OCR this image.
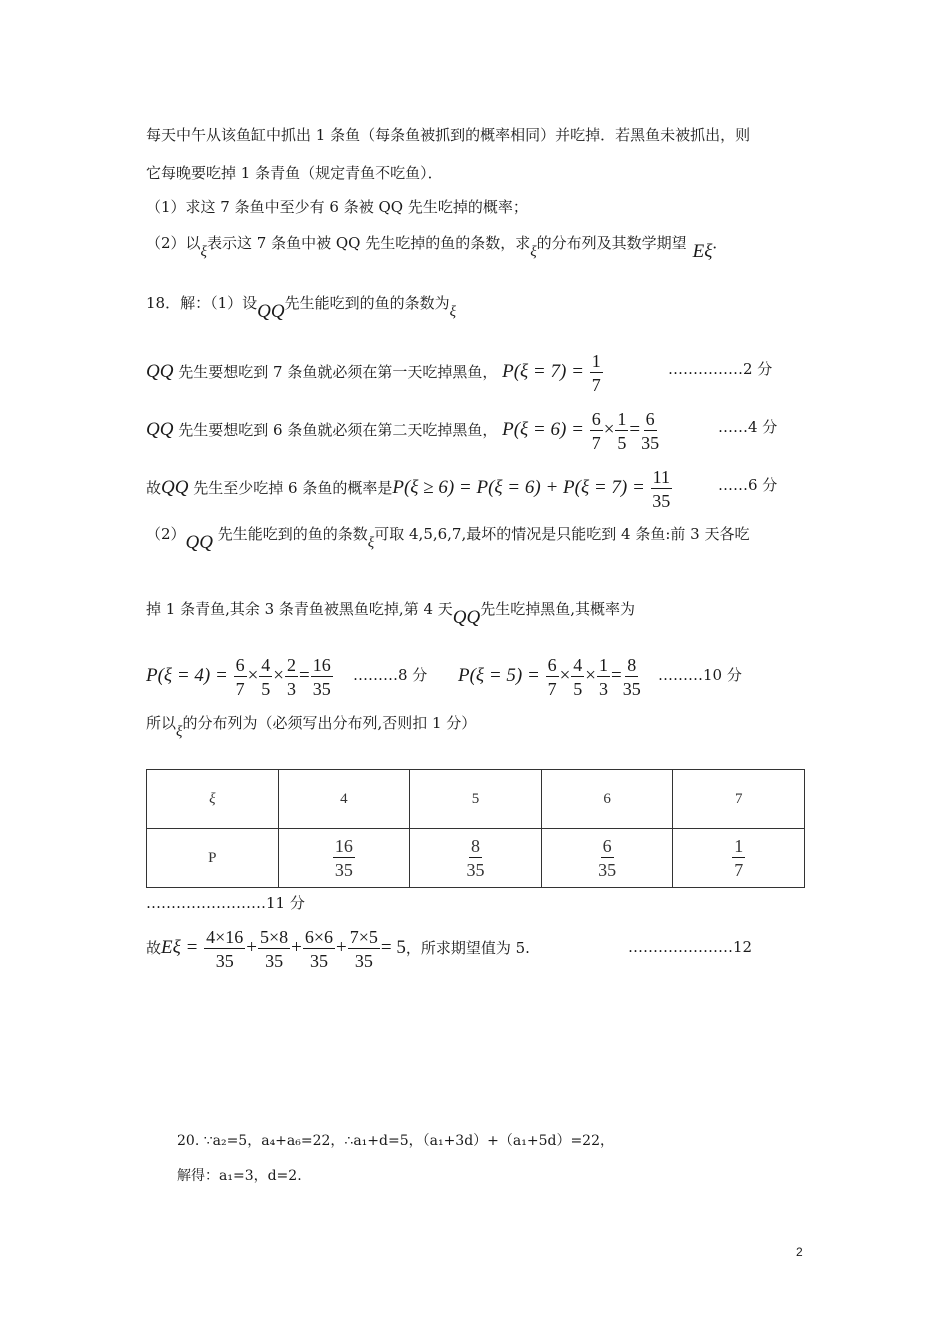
每天中午从该鱼缸中抓出 1 条鱼（每条鱼被抓到的概率相同）并吃掉．若黑鱼未被抓出，则
它每晚要吃掉 1 条青鱼（规定青鱼不吃鱼）．
（1）求这 7 条鱼中至少有 6 条被 QQ 先生吃掉的概率；
（2）以ξ表示这 7 条鱼中被 QQ 先生吃掉的鱼的条数，求ξ的分布列及其数学期望 Eξ．
18．解：（1）设QQ先生能吃到的鱼的条数为ξ
QQ 先生要想吃到 7 条鱼就必须在第一天吃掉黑鱼， $P(\xi = 7) = \frac{1}{7}$	……………2 分
QQ 先生要想吃到 6 条鱼就必须在第二天吃掉黑鱼， $P(\xi = 6) = \frac{6}{7} \times \frac{1}{5} = \frac{6}{35}$	……4 分
故QQ 先生至少吃掉 6 条鱼的概率是$P(\xi \ge 6) = P(\xi = 6) + P(\xi = 7) = \frac{11}{35}$	……6 分
（2）QQ 先生能吃到的鱼的条数ξ可取 4,5,6,7,最坏的情况是只能吃到 4 条鱼:前 3 天各吃
掉 1 条青鱼,其余 3 条青鱼被黑鱼吃掉,第 4 天QQ先生吃掉黑鱼,其概率为
$P(\xi = 4) = \frac{6}{7} \times \frac{4}{5} \times \frac{2}{3} = \frac{16}{35}$ ………8 分 $P(\xi = 5) = \frac{6}{7} \times \frac{4}{5} \times \frac{1}{3} = \frac{8}{35}$ ………10 分
所以ξ的分布列为（必须写出分布列,否则扣 1 分）
ξ	4	5	6	7
P	$\frac{16}{35}$	$\frac{8}{35}$	$\frac{6}{35}$	$\frac{1}{7}$
……………………11 分
故$E\xi = \frac{4\times 16}{35} + \frac{5\times 8}{35} + \frac{6\times 6}{35} + \frac{7\times 5}{35} = 5$，所求期望值为 5.	…………………12
20. ∵a₂=5，a₄+a₆=22，∴a₁+d=5，（a₁+3d）+（a₁+5d）=22，
解得：a₁=3，d=2.
2
